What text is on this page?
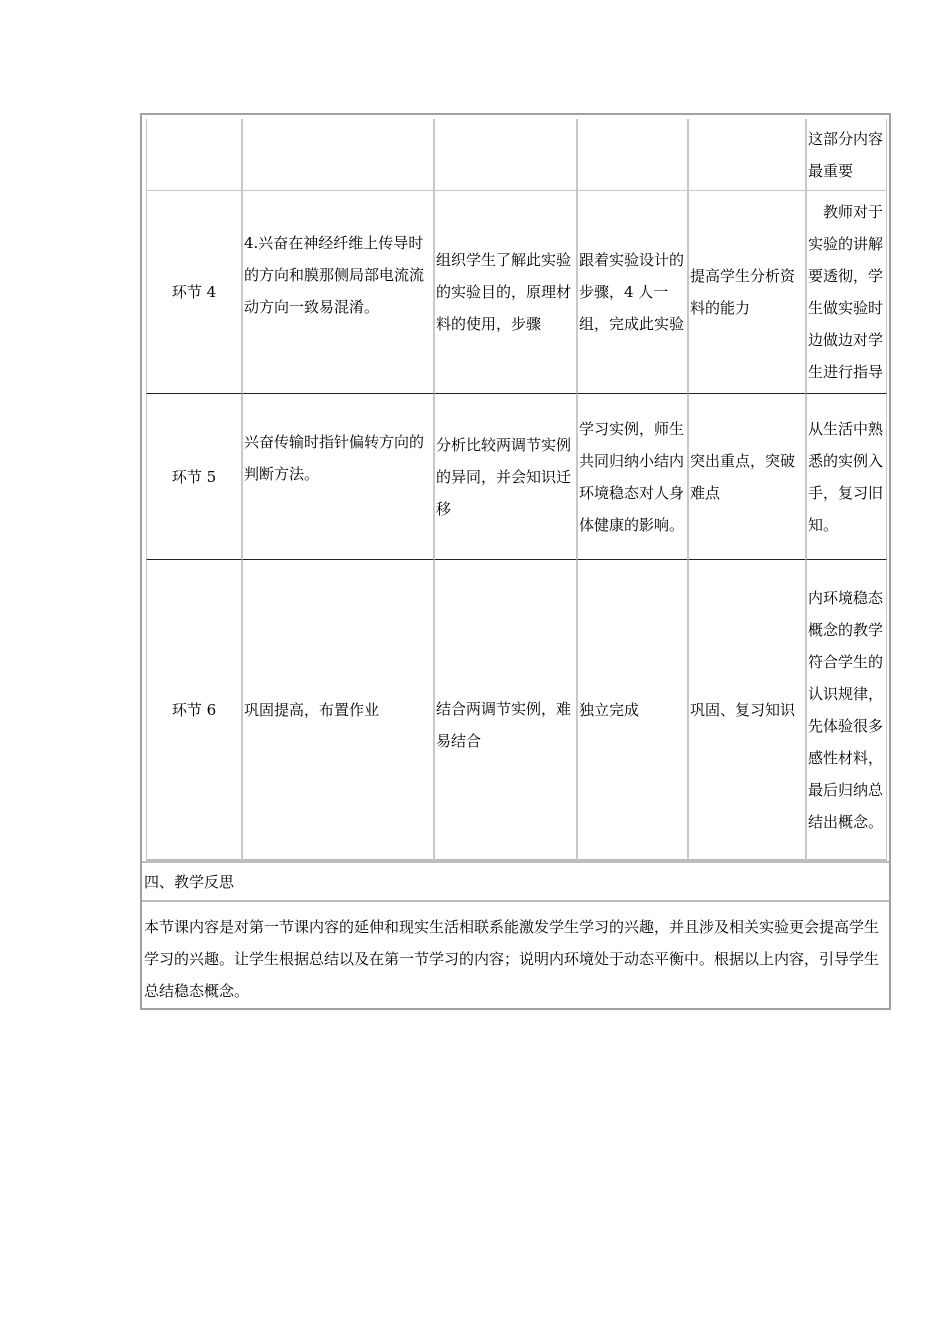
					这部分内容最重要
环节 4	4.兴奋在神经纤维上传导时的方向和膜那侧局部电流流动方向一致易混淆。	组织学生了解此实验的实验目的，原理材料的使用，步骤	跟着实验设计的步骤，4 人一组，完成此实验	提高学生分析资料的能力	教师对于实验的讲解要透彻，学生做实验时边做边对学生进行指导
环节 5	兴奋传输时指针偏转方向的判断方法。	分析比较两调节实例的异同，并会知识迁移	学习实例，师生共同归纳小结内环境稳态对人身体健康的影响。	突出重点，突破难点	从生活中熟悉的实例入手，复习旧知。
环节 6	巩固提高，布置作业	结合两调节实例，难易结合	独立完成	巩固、复习知识	内环境稳态概念的教学符合学生的认识规律，先体验很多感性材料，最后归纳总结出概念。
四、教学反思
本节课内容是对第一节课内容的延伸和现实生活相联系能激发学生学习的兴趣，并且涉及相关实验更会提高学生学习的兴趣。让学生根据总结以及在第一节学习的内容；说明内环境处于动态平衡中。根据以上内容，引导学生总结稳态概念。
